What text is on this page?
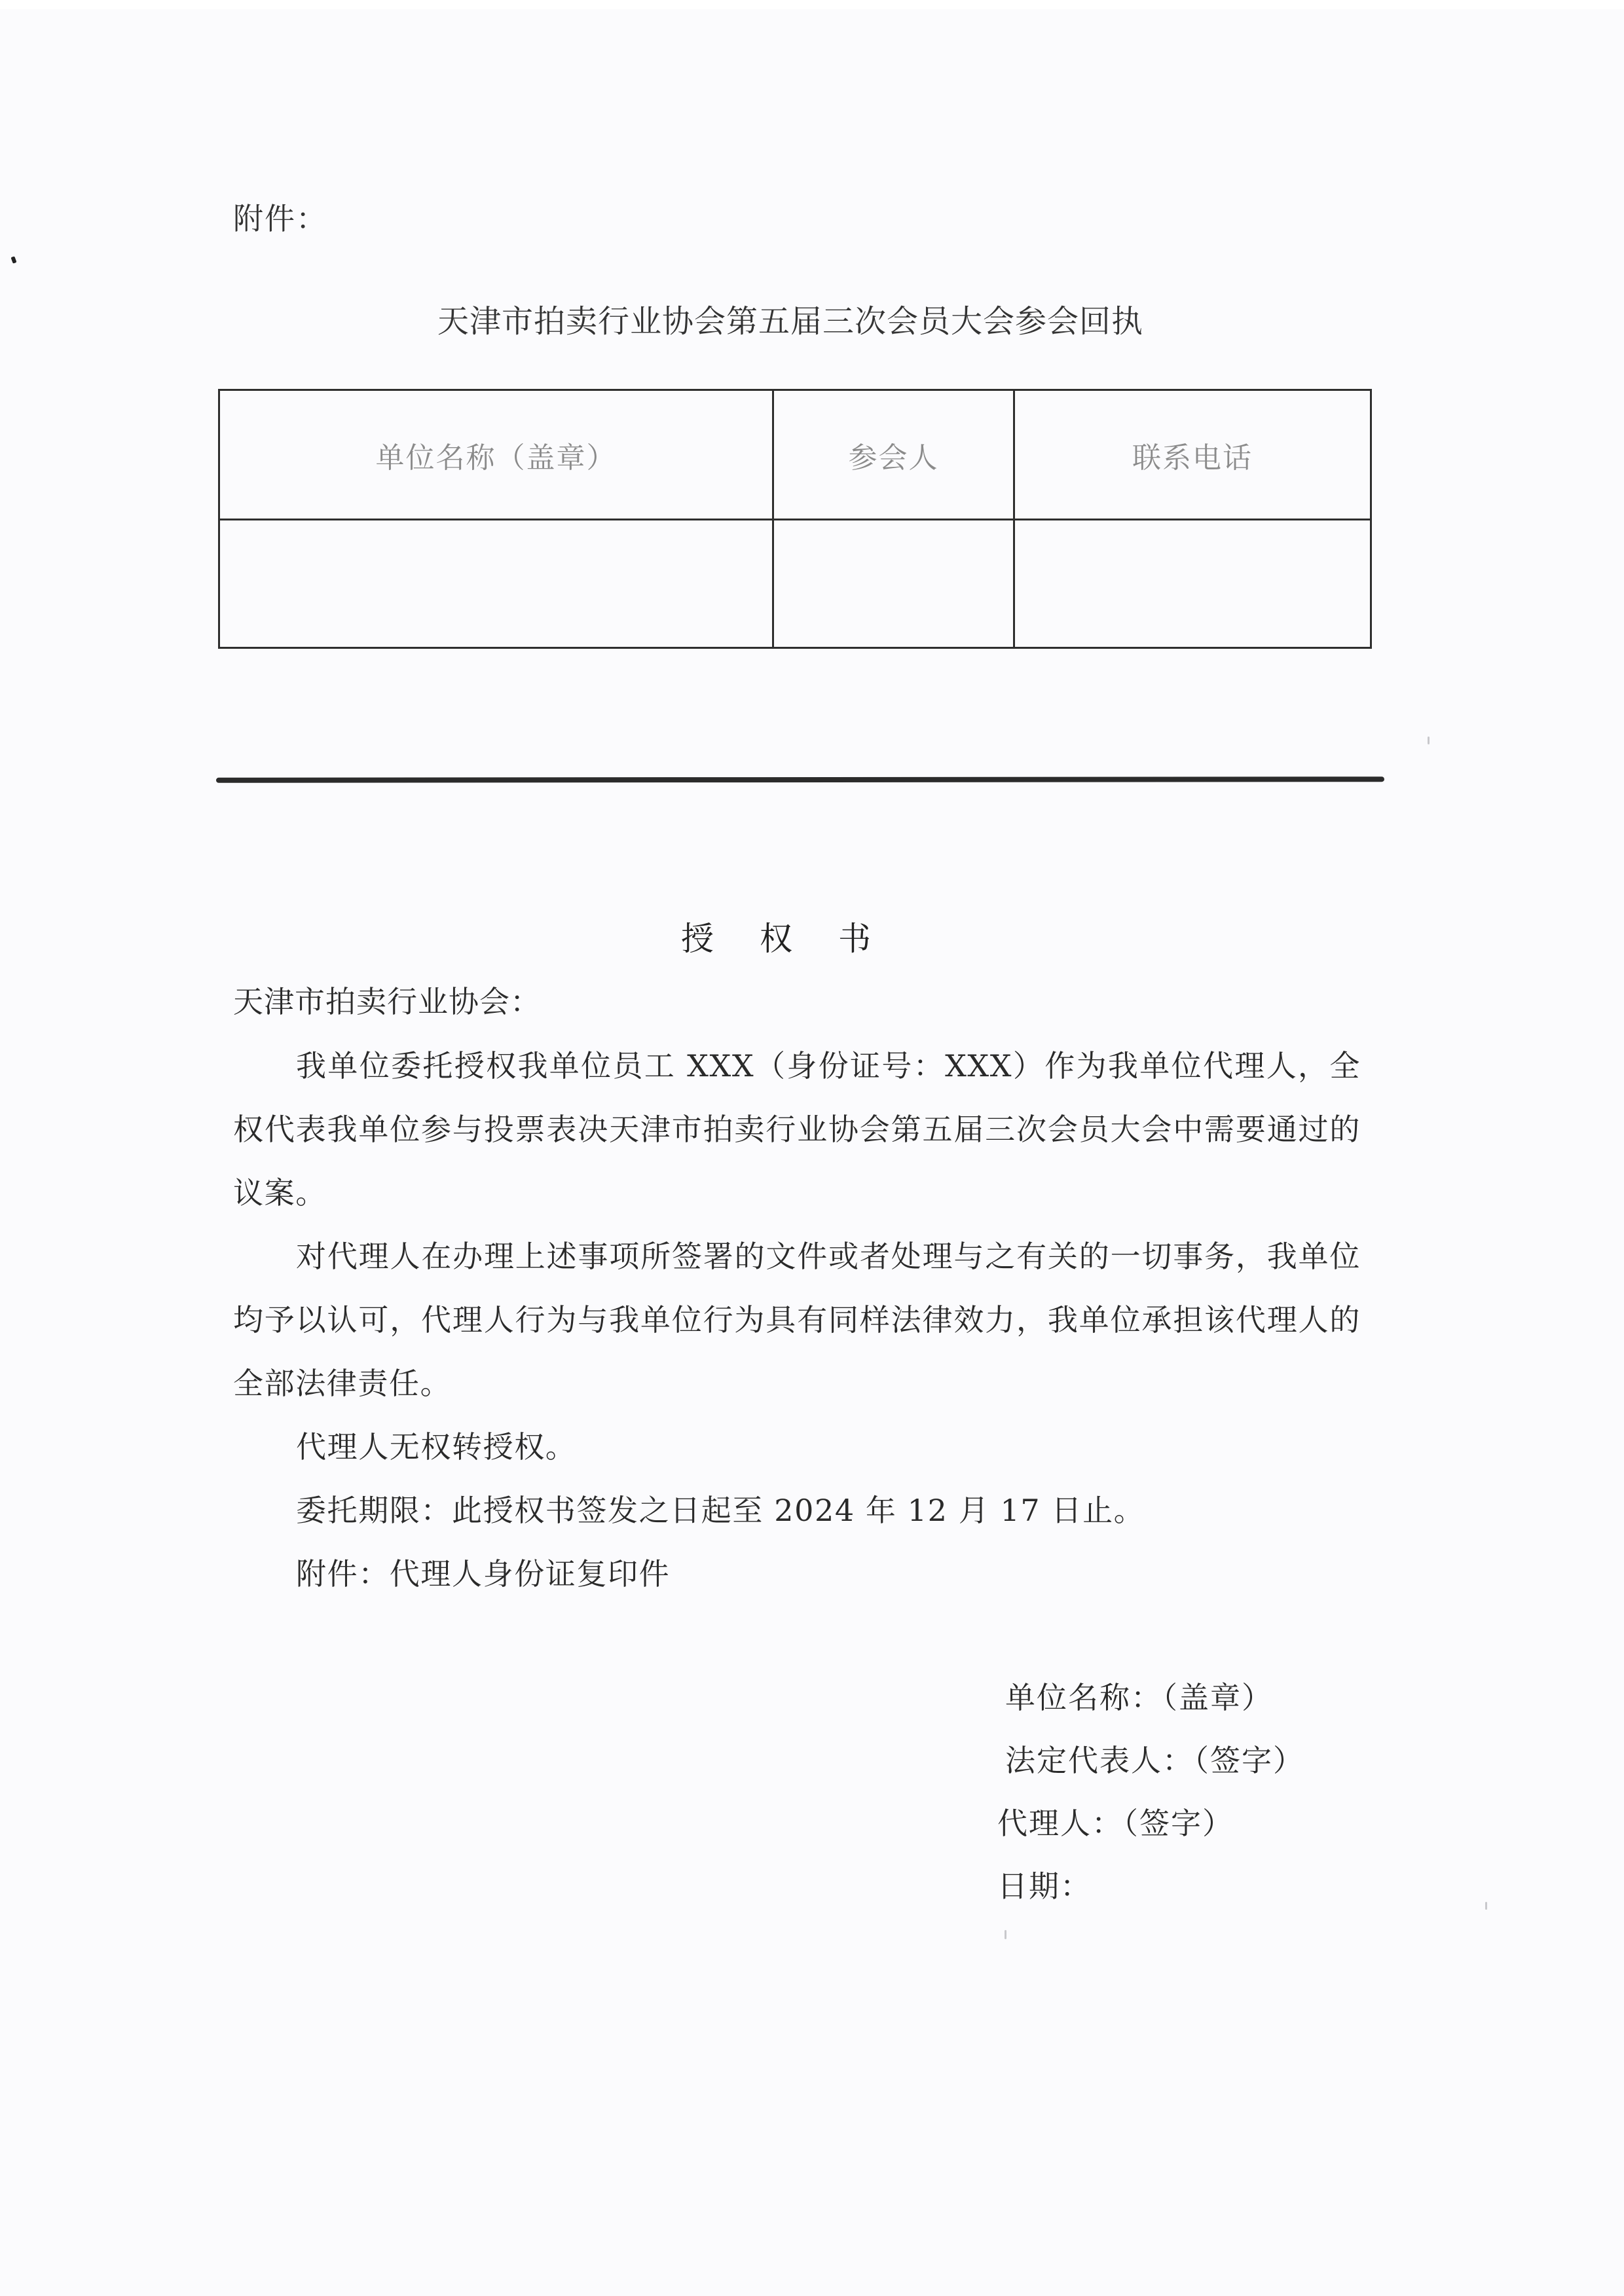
附件：
天津市拍卖行业协会第五届三次会员大会参会回执
单位名称（盖章）	参会人	联系电话

授 权 书
天津市拍卖行业协会：

我单位委托授权我单位员工 XXX（身份证号：XXX）作为我单位代理人，全权代表我单位参与投票表决天津市拍卖行业协会第五届三次会员大会中需要通过的议案。

对代理人在办理上述事项所签署的文件或者处理与之有关的一切事务，我单位均予以认可，代理人行为与我单位行为具有同样法律效力，我单位承担该代理人的全部法律责任。

代理人无权转授权。

委托期限：此授权书签发之日起至 2024 年 12 月 17 日止。

附件：代理人身份证复印件

单位名称：（盖章）
法定代表人：（签字）
代理人：（签字）
日期：
